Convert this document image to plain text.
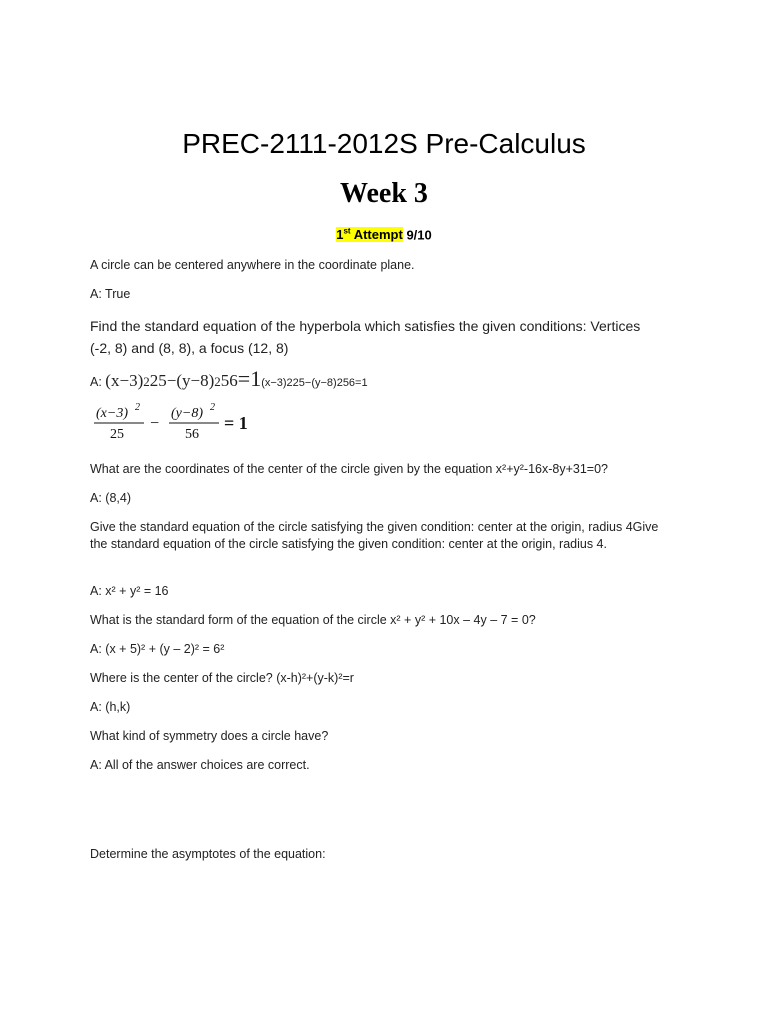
PREC-2111-2012S Pre-Calculus
Week 3
1st Attempt 9/10
A circle can be centered anywhere in the coordinate plane.
A: True
Find the standard equation of the hyperbola which satisfies the given conditions: Vertices (-2, 8) and (8, 8), a focus (12, 8)
A: (x−3)225−(y−8)256=1(x−3)225−(y−8)256=1
(x−3) 2
25
−
(y−8) 2
56
= 1
What are the coordinates of the center of the circle given by the equation x²+y²-16x-8y+31=0?
A: (8,4)
Give the standard equation of the circle satisfying the given condition: center at the origin, radius 4Give the standard equation of the circle satisfying the given condition: center at the origin, radius 4.
A: x² + y² = 16
What is the standard form of the equation of the circle x² + y² + 10x – 4y – 7 = 0?
A: (x + 5)² + (y – 2)² = 6²
Where is the center of the circle? (x-h)²+(y-k)²=r
A: (h,k)
What kind of symmetry does a circle have?
A: All of the answer choices are correct.
Determine the asymptotes of the equation:
